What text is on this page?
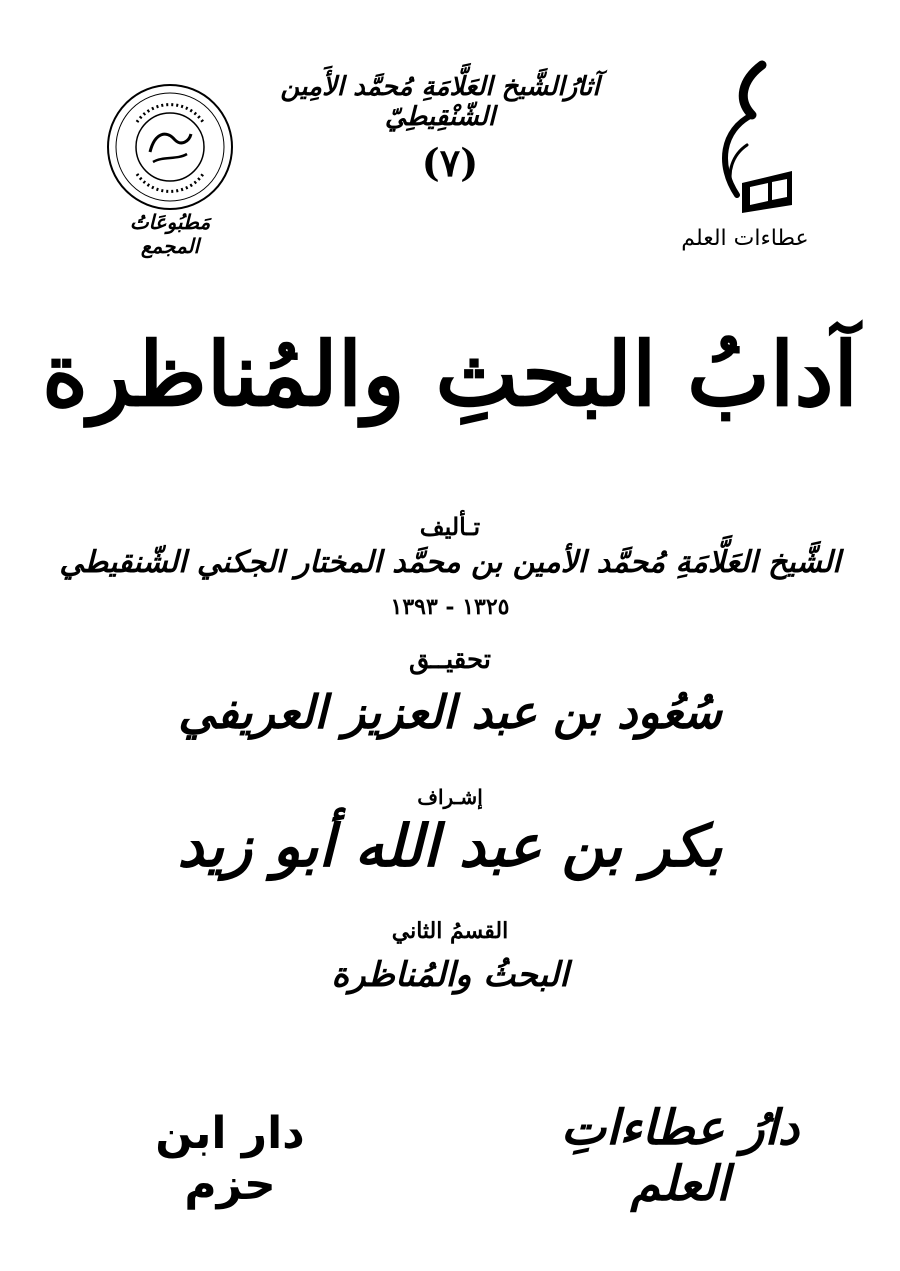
مَطبُوعَاتُ المجمع	عطاءات العلم
آثارُالشَّيخ العَلَّامَةِ مُحمَّد الأَمِين الشّنْقِيطِيّ
(٧)
آدابُ البحثِ والمُناظرة
تـأليف
الشَّيخ العَلَّامَةِ مُحمَّد الأمين بن محمَّد المختار الجكني الشّنقيطي
١٣٢٥ - ١٣٩٣
تحقيــق
سُعُود بن عبد العزيز العريفي
إشـراف
بكر بن عبد الله أبو زيد
القسمُ الثاني
البحثُ والمُناظرة
دار ابن حزم
دارُ عطاءاتِ العلم
